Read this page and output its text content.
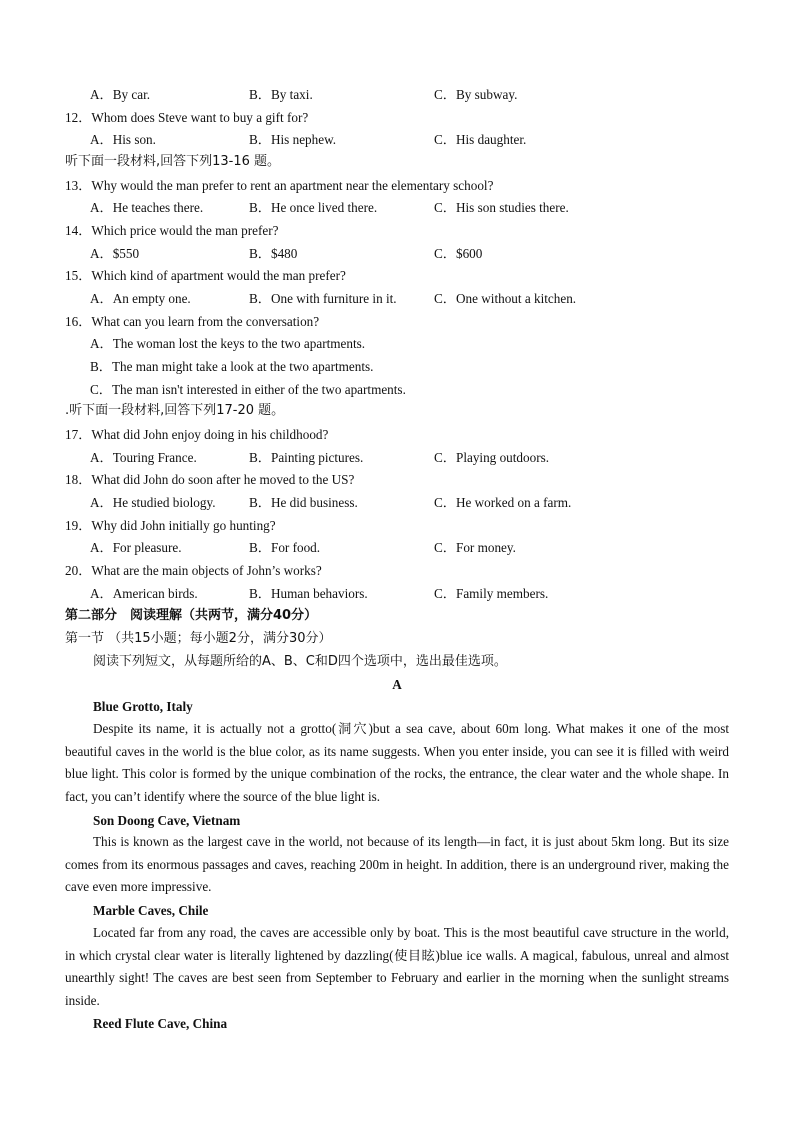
A．By car.	B．By taxi.	C．By subway.
12．Whom does Steve want to buy a gift for?
A．His son.	B．His nephew.	C．His daughter.
听下面一段材料,回答下列13-16 题。
13．Why would the man prefer to rent an apartment near the elementary school?
A．He teaches there.	B．He once lived there.	C．His son studies there.
14．Which price would the man prefer?
A．$550	B．$480	C．$600
15．Which kind of apartment would the man prefer?
A．An empty one.	B．One with furniture in it.	C．One without a kitchen.
16．What can you learn from the conversation?
A．The woman lost the keys to the two apartments.
B．The man might take a look at the two apartments.
C．The man isn't interested in either of the two apartments.
.听下面一段材料,回答下列17-20 题。
17．What did John enjoy doing in his childhood?
A．Touring France.	B．Painting pictures.	C．Playing outdoors.
18．What did John do soon after he moved to the US?
A．He studied biology.	B．He did business.	C．He worked on a farm.
19．Why did John initially go hunting?
A．For pleasure.	B．For food.	C．For money.
20．What are the main objects of John’s works?
A．American birds.	B．Human behaviors.	C．Family members.
第二部分　阅读理解（共两节，满分40分）
第一节 （共15小题；每小题2分，满分30分）
阅读下列短文，从每题所给的A、B、C和D四个选项中，选出最佳选项。
A
Blue Grotto, Italy
Despite its name, it is actually not a grotto(洞穴)but a sea cave, about 60m long. What makes it one of the most beautiful caves in the world is the blue color, as its name suggests. When you enter inside, you can see it is filled with weird blue light. This color is formed by the unique combination of the rocks, the entrance, the clear water and the whole shape. In fact, you can’t identify where the source of the blue light is.
Son Doong Cave, Vietnam
This is known as the largest cave in the world, not because of its length—in fact, it is just about 5km long. But its size comes from its enormous passages and caves, reaching 200m in height. In addition, there is an underground river, making the cave even more impressive.
Marble Caves, Chile
Located far from any road, the caves are accessible only by boat. This is the most beautiful cave structure in the world, in which crystal clear water is literally lightened by dazzling(使目眩)blue ice walls. A magical, fabulous, unreal and almost unearthly sight! The caves are best seen from September to February and earlier in the morning when the sunlight streams inside.
Reed Flute Cave, China
